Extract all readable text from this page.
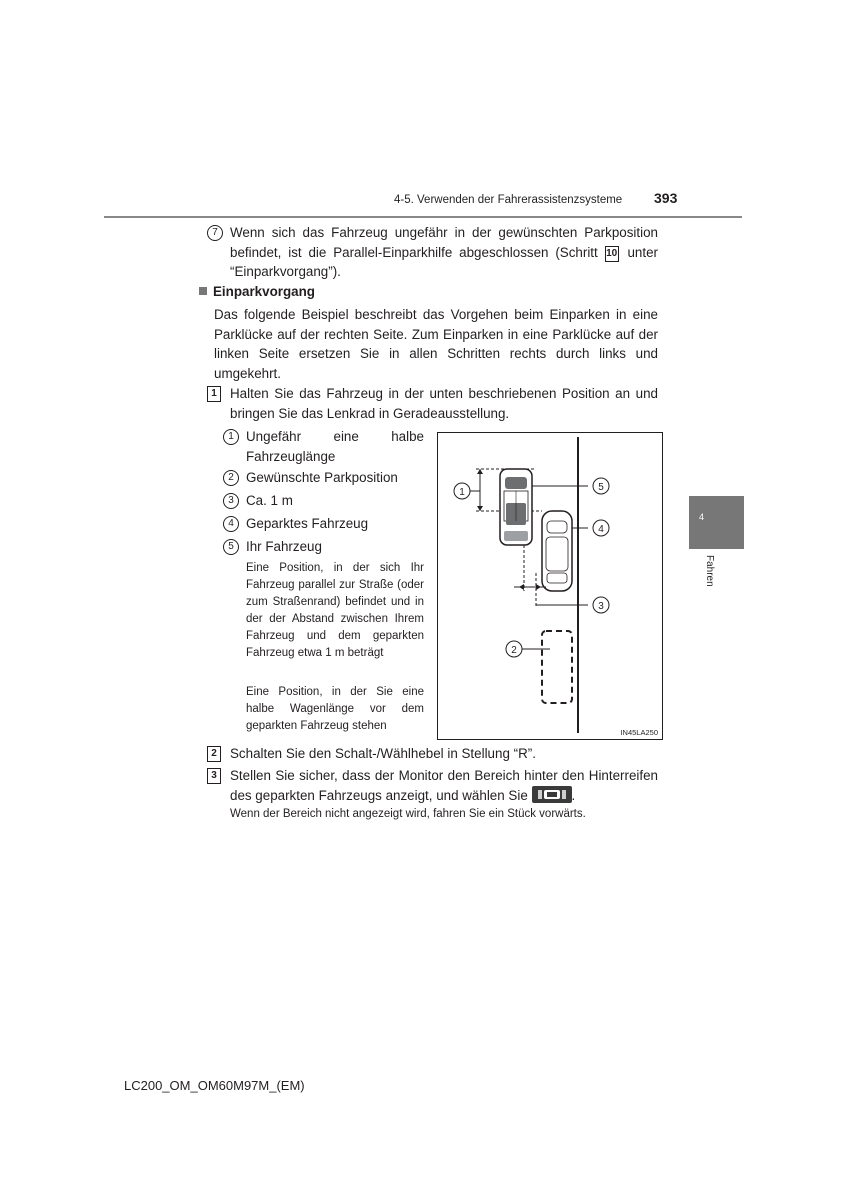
4-5. Verwenden der Fahrerassistenzsysteme 393
7 Wenn sich das Fahrzeug ungefähr in der gewünschten Parkposition befindet, ist die Parallel-Einparkhilfe abgeschlossen (Schritt 10 unter “Einparkvorgang”).
Einparkvorgang
Das folgende Beispiel beschreibt das Vorgehen beim Einparken in eine Parklücke auf der rechten Seite. Zum Einparken in eine Parklücke auf der linken Seite ersetzen Sie in allen Schritten rechts durch links und umgekehrt.
1 Halten Sie das Fahrzeug in der unten beschriebenen Position an und bringen Sie das Lenkrad in Geradeausstellung.
1 Ungefähr eine halbe Fahrzeuglänge
2 Gewünschte Parkposition
3 Ca. 1 m
4 Geparktes Fahrzeug
5 Ihr Fahrzeug
Eine Position, in der sich Ihr Fahrzeug parallel zur Straße (oder zum Straßenrand) befindet und in der der Abstand zwischen Ihrem Fahrzeug und dem geparkten Fahrzeug etwa 1 m beträgt
Eine Position, in der Sie eine halbe Wagenlänge vor dem geparkten Fahrzeug stehen
1	5
4
3
2
IN45LA250
2 Schalten Sie den Schalt-/Wählhebel in Stellung “R”.
3 Stellen Sie sicher, dass der Monitor den Bereich hinter den Hinterreifen des geparkten Fahrzeugs anzeigt, und wählen Sie	.
Wenn der Bereich nicht angezeigt wird, fahren Sie ein Stück vorwärts.
4
Fahren
LC200_OM_OM60M97M_(EM)
